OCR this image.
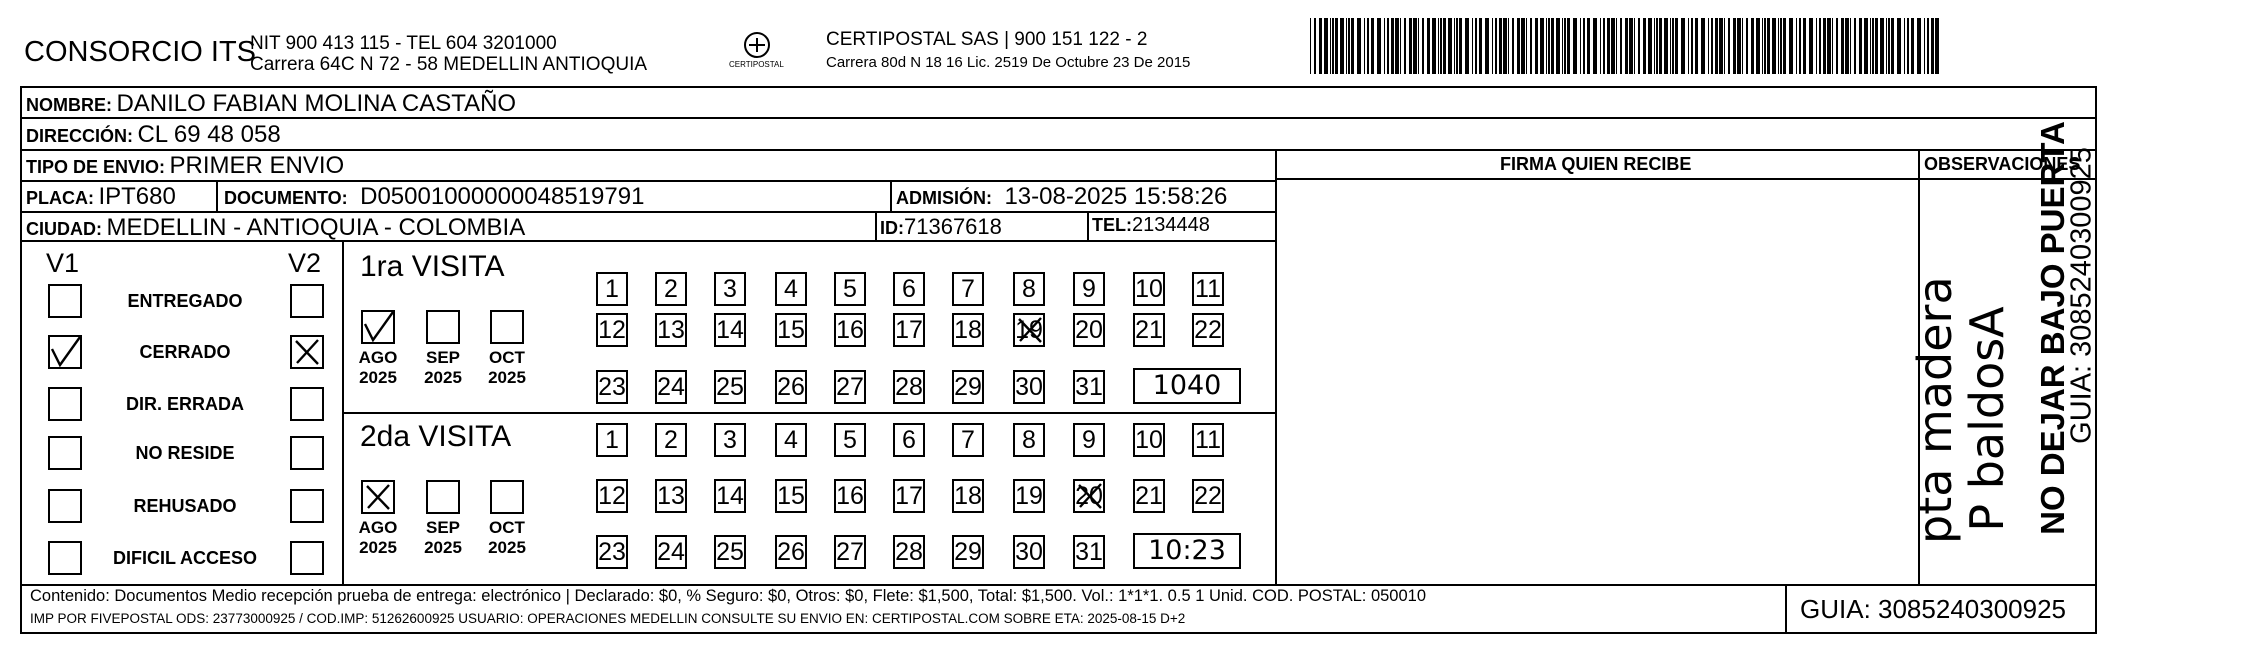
CONSORCIO ITS
NIT 900 413 115 - TEL 604 3201000
Carrera 64C N 72 - 58 MEDELLIN ANTIOQUIA	CERTIPOSTAL
CERTIPOSTAL SAS | 900 151 122 - 2
Carrera 80d N 18 16 Lic. 2519 De Octubre 23 De 2015
NOMBRE: DANILO FABIAN MOLINA CASTAÑO
DIRECCIÓN: CL 69 48 058
TIPO DE ENVIO: PRIMER ENVIO
PLACA: IPT680	DOCUMENTO: D05001000000048519791	ADMISIÓN: 13-08-2025 15:58:26
CIUDAD: MEDELLIN - ANTIOQUIA - COLOMBIA	ID:71367618	TEL:2134448
FIRMA QUIEN RECIBE	OBSERVACIONES
V1	V2
ENTREGADO
CERRADO
DIR. ERRADA
NO RESIDE
REHUSADO
DIFICIL ACCESO
1ra VISITA
AGO
2025
SEP
2025
OCT
2025
1	2	3	4	5	6	7	8	9	10 11
12 13 14 15 16 17 18 19 20 21 22
23 24 25 26 27 28 29 30 31	1040
2da VISITA
AGO
2025
SEP
2025
OCT
2025
1	2	3	4	5	6	7	8	9	10 11
12 13 14 15 16 17 18 19 20 21 22
23 24 25 26 27 28 29 30 31	10:23
pta madera
P baldosA
Contenido: Documentos Medio recepción prueba de entrega: electrónico | Declarado: $0, % Seguro: $0, Otros: $0, Flete: $1,500, Total: $1,500. Vol.: 1*1*1. 0.5 1 Unid. COD. POSTAL: 050010
IMP POR FIVEPOSTAL ODS: 23773000925 / COD.IMP: 51262600925 USUARIO: OPERACIONES MEDELLIN CONSULTE SU ENVIO EN: CERTIPOSTAL.COM SOBRE ETA: 2025-08-15 D+2	GUIA: 3085240300925
NO DEJAR BAJO PUERTA
GUIA: 3085240300925
